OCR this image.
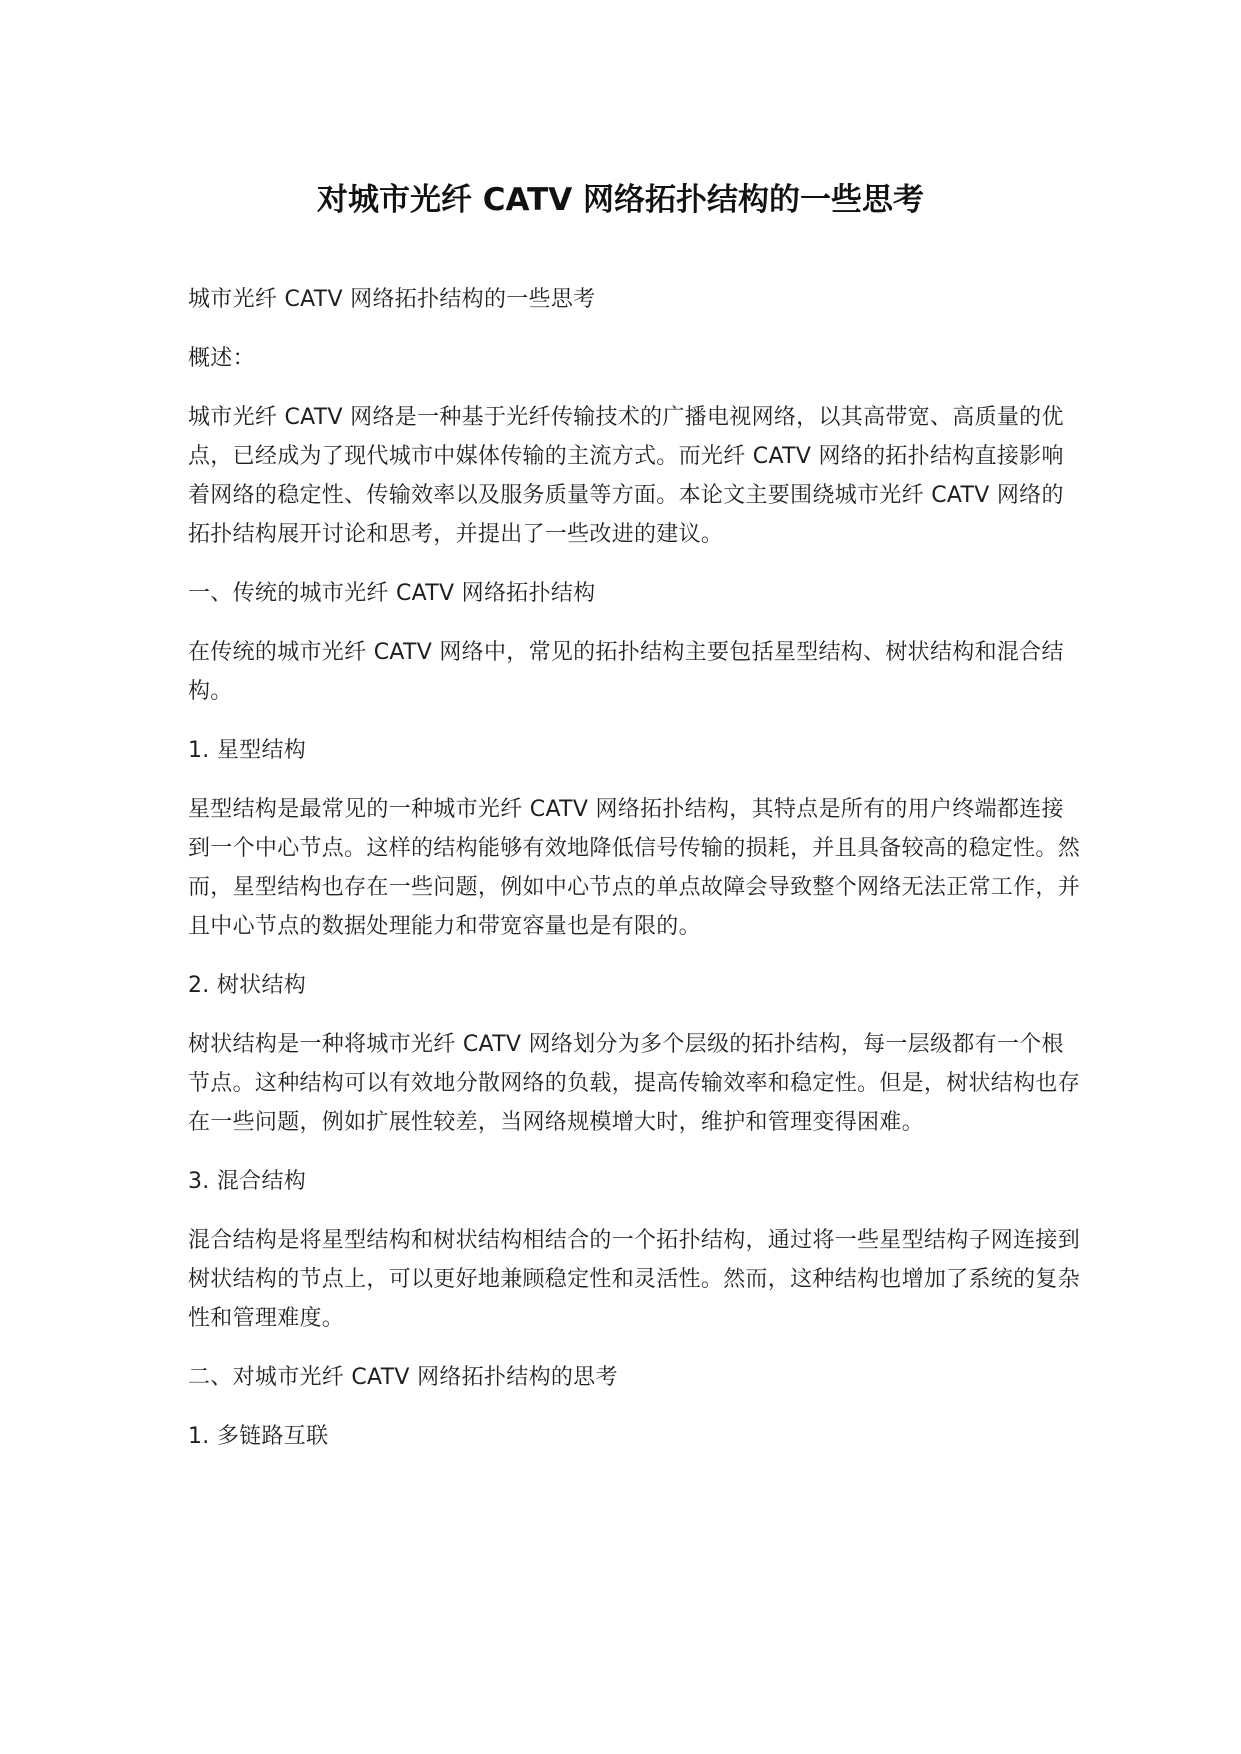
对城市光纤 CATV 网络拓扑结构的一些思考

城市光纤 CATV 网络拓扑结构的一些思考

概述：

城市光纤 CATV 网络是一种基于光纤传输技术的广播电视网络，以其高带宽、高质量的优点，已经成为了现代城市中媒体传输的主流方式。而光纤 CATV 网络的拓扑结构直接影响着网络的稳定性、传输效率以及服务质量等方面。本论文主要围绕城市光纤 CATV 网络的拓扑结构展开讨论和思考，并提出了一些改进的建议。

一、传统的城市光纤 CATV 网络拓扑结构

在传统的城市光纤 CATV 网络中，常见的拓扑结构主要包括星型结构、树状结构和混合结构。

1. 星型结构

星型结构是最常见的一种城市光纤 CATV 网络拓扑结构，其特点是所有的用户终端都连接到一个中心节点。这样的结构能够有效地降低信号传输的损耗，并且具备较高的稳定性。然而，星型结构也存在一些问题，例如中心节点的单点故障会导致整个网络无法正常工作，并且中心节点的数据处理能力和带宽容量也是有限的。

2. 树状结构

树状结构是一种将城市光纤 CATV 网络划分为多个层级的拓扑结构，每一层级都有一个根节点。这种结构可以有效地分散网络的负载，提高传输效率和稳定性。但是，树状结构也存在一些问题，例如扩展性较差，当网络规模增大时，维护和管理变得困难。

3. 混合结构

混合结构是将星型结构和树状结构相结合的一个拓扑结构，通过将一些星型结构子网连接到树状结构的节点上，可以更好地兼顾稳定性和灵活性。然而，这种结构也增加了系统的复杂性和管理难度。

二、对城市光纤 CATV 网络拓扑结构的思考

1. 多链路互联
